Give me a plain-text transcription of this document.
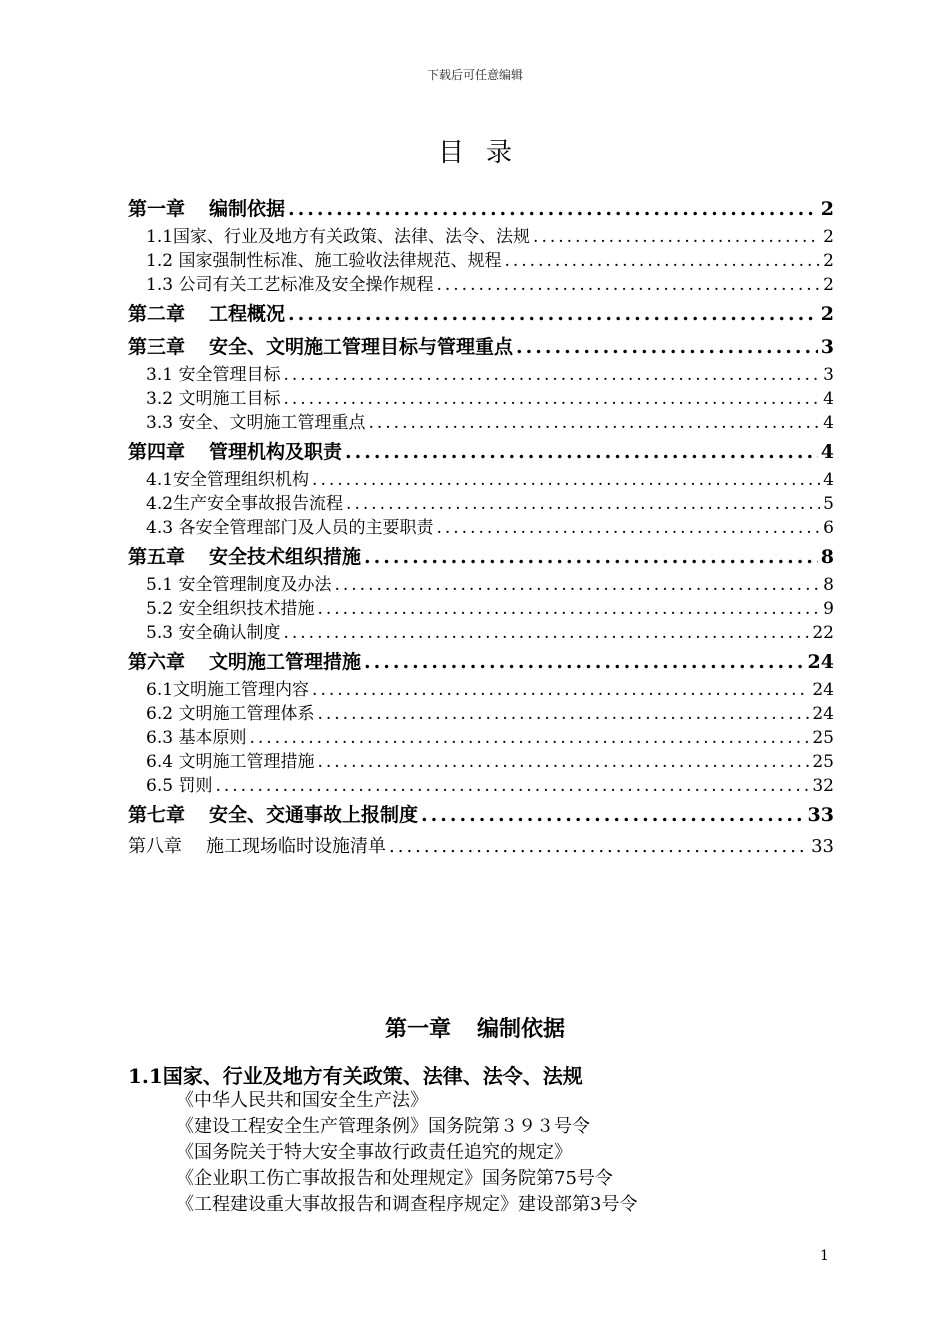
下载后可任意编辑
目录
第一章 编制依据 .....	2
1.1国家、行业及地方有关政策、法律、法令、法规 .....	2
1.2 国家强制性标准、施工验收法律规范、规程 .....	2
1.3 公司有关工艺标准及安全操作规程 .....	2
第二章 工程概况 .....	2
第三章 安全、文明施工管理目标与管理重点 .....	3
3.1 安全管理目标 .....	3
3.2 文明施工目标 .....	4
3.3 安全、文明施工管理重点 .....	4
第四章 管理机构及职责 .....	4
4.1安全管理组织机构 .....	4
4.2生产安全事故报告流程 .....	5
4.3 各安全管理部门及人员的主要职责 .....	6
第五章 安全技术组织措施 .....	8
5.1 安全管理制度及办法 .....	8
5.2 安全组织技术措施 .....	9
5.3 安全确认制度 .....	22
第六章 文明施工管理措施 .....	24
6.1文明施工管理内容 .....	24
6.2 文明施工管理体系 .....	24
6.3 基本原则 .....	25
6.4 文明施工管理措施 .....	25
6.5 罚则 .....	32
第七章 安全、交通事故上报制度 .....	33
第八章 施工现场临时设施清单 .....	33
第一章 编制依据
1.1国家、行业及地方有关政策、法律、法令、法规
《中华人民共和国安全生产法》
《建设工程安全生产管理条例》国务院第３９３号令
《国务院关于特大安全事故行政责任追究的规定》
《企业职工伤亡事故报告和处理规定》国务院第75号令
《工程建设重大事故报告和调查程序规定》建设部第3号令
1
